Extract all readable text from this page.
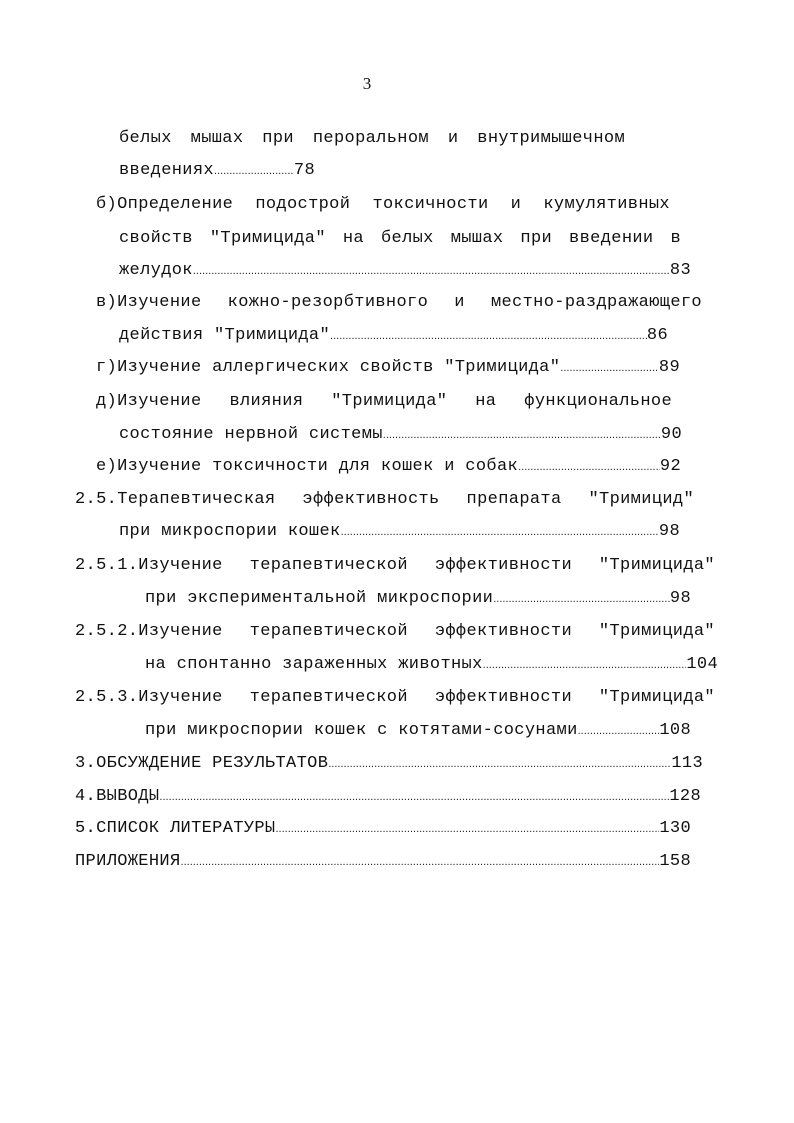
3
белых мышах при пероральном и внутримышечном
введениях .....	78
б)Определение подострой токсичности и кумулятивных
свойств "Тримицида" на белых мышах при введении в
желудок .....	83
в)Изучение кожно-резорбтивного и местно-раздражающего
действия "Тримицида" .....	86
г)Изучение аллергических свойств "Тримицида" .....	89
д)Изучение влияния "Тримицида" на функциональное
состояние нервной системы .....	90
е)Изучение токсичности для кошек и собак .....	92
2.5.Терапевтическая эффективность препарата "Тримицид"
при микроспории кошек .....	98
2.5.1.Изучение терапевтической эффективности "Тримицида"
при экспериментальной микроспории .....	98
2.5.2.Изучение терапевтической эффективности "Тримицида"
на спонтанно зараженных животных .....	104
2.5.3.Изучение терапевтической эффективности "Тримицида"
при микроспории кошек с котятами-сосунами .....	108
3.ОБСУЖДЕНИЕ РЕЗУЛЬТАТОВ .....	113
4.ВЫВОДЫ .....	128
5.СПИСОК ЛИТЕРАТУРЫ .....	130
ПРИЛОЖЕНИЯ .....	158
